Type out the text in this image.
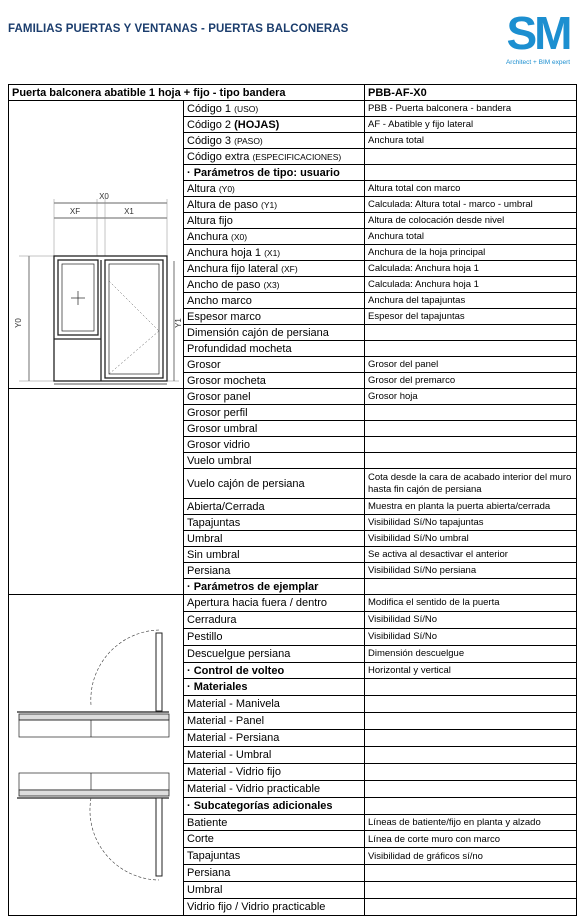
FAMILIAS PUERTAS Y VENTANAS - PUERTAS BALCONERAS	SM
Architect + BIM expert
Puerta balconera abatible 1 hoja + fijo - tipo bandera		PBB-AF-X0

X0
XF X1
Y0 Y1	Código 1 (USO)	PBB - Puerta balconera - bandera
	Código 2 (HOJAS)	AF - Abatible y fijo lateral
	Código 3 (PASO)	Anchura total
	Código extra (ESPECIFICACIONES)	
	· Parámetros de tipo: usuario	
	Altura (Y0)	Altura total con marco
	Altura de paso (Y1)	Calculada: Altura total - marco - umbral
	Altura fijo	Altura de colocación desde nivel
	Anchura (X0)	Anchura total
	Anchura hoja 1 (X1)	Anchura de la hoja principal
	Anchura fijo lateral (XF)	Calculada: Anchura hoja 1
	Ancho de paso (X3)	Calculada: Anchura hoja 1
	Ancho marco	Anchura del tapajuntas
	Espesor marco	Espesor del tapajuntas
	Dimensión cajón de persiana	
	Profundidad mocheta	
	Grosor	Grosor del panel
	Grosor mocheta	Grosor del premarco
	Grosor panel	Grosor hoja
	Grosor perfil	
	Grosor umbral	
	Grosor vidrio	
	Vuelo umbral	
	Vuelo cajón de persiana	Cota desde la cara de acabado interior del muro hasta fin cajón de persiana
	Abierta/Cerrada	Muestra en planta la puerta abierta/cerrada
	Tapajuntas	Visibilidad Sí/No tapajuntas
	Umbral	Visibilidad Sí/No umbral
	Sin umbral	Se activa al desactivar el anterior
	Persiana	Visibilidad Sí/No persiana
	· Parámetros de ejemplar	

	Apertura hacia fuera / dentro	Modifica el sentido de la puerta
	Cerradura	Visibilidad Sí/No
	Pestillo	Visibilidad Sí/No
	Descuelgue persiana	Dimensión descuelgue
	· Control de volteo	Horizontal y vertical
	· Materiales	
	Material - Manivela	
	Material - Panel	
	Material - Persiana	
	Material - Umbral	
	Material - Vidrio fijo	
	Material - Vidrio practicable	
	· Subcategorías adicionales	
	Batiente	Líneas de batiente/fijo en planta y alzado
	Corte	Línea de corte muro con marco
	Tapajuntas	Visibilidad de gráficos sí/no
	Persiana	
	Umbral	
	Vidrio fijo / Vidrio practicable	
